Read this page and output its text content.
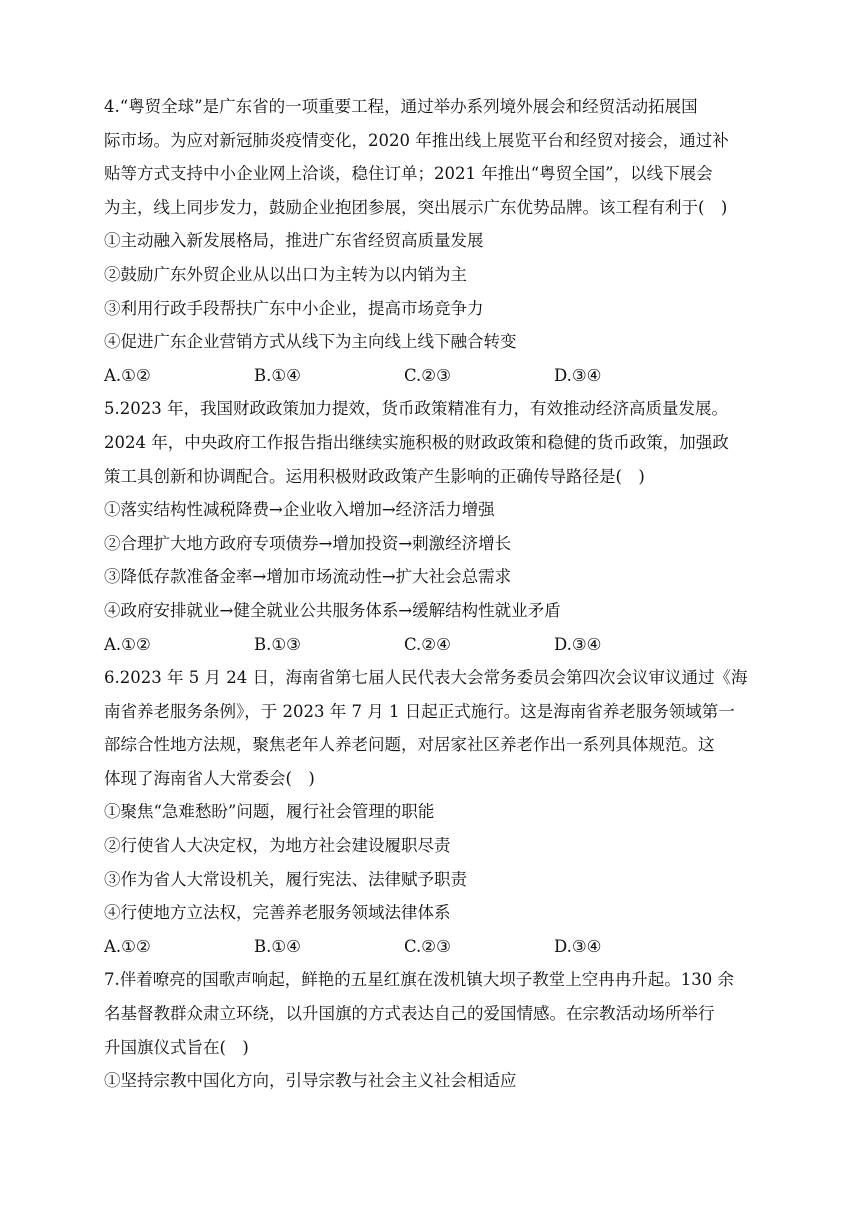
4.“粤贸全球”是广东省的一项重要工程，通过举办系列境外展会和经贸活动拓展国
际市场。为应对新冠肺炎疫情变化，2020 年推出线上展览平台和经贸对接会，通过补
贴等方式支持中小企业网上洽谈，稳住订单；2021 年推出“粤贸全国”，以线下展会
为主，线上同步发力，鼓励企业抱团参展，突出展示广东优势品牌。该工程有利于(　)
①主动融入新发展格局，推进广东省经贸高质量发展
②鼓励广东外贸企业从以出口为主转为以内销为主
③利用行政手段帮扶广东中小企业，提高市场竞争力
④促进广东企业营销方式从线下为主向线上线下融合转变
A.①②	B.①④	C.②③	D.③④
5.2023 年，我国财政政策加力提效，货币政策精准有力，有效推动经济高质量发展。
2024 年，中央政府工作报告指出继续实施积极的财政政策和稳健的货币政策，加强政
策工具创新和协调配合。运用积极财政政策产生影响的正确传导路径是(　)
①落实结构性减税降费→企业收入增加→经济活力增强
②合理扩大地方政府专项债券→增加投资→刺激经济增长
③降低存款准备金率→增加市场流动性→扩大社会总需求
④政府安排就业→健全就业公共服务体系→缓解结构性就业矛盾
A.①②	B.①③	C.②④	D.③④
6.2023 年 5 月 24 日，海南省第七届人民代表大会常务委员会第四次会议审议通过《海
南省养老服务条例》，于 2023 年 7 月 1 日起正式施行。这是海南省养老服务领域第一
部综合性地方法规，聚焦老年人养老问题，对居家社区养老作出一系列具体规范。这
体现了海南省人大常委会(　)
①聚焦“急难愁盼”问题，履行社会管理的职能
②行使省人大决定权，为地方社会建设履职尽责
③作为省人大常设机关，履行宪法、法律赋予职责
④行使地方立法权，完善养老服务领域法律体系
A.①②	B.①④	C.②③	D.③④
7.伴着嘹亮的国歌声响起，鲜艳的五星红旗在泼机镇大坝子教堂上空冉冉升起。130 余
名基督教群众肃立环绕，以升国旗的方式表达自己的爱国情感。在宗教活动场所举行
升国旗仪式旨在(　)
①坚持宗教中国化方向，引导宗教与社会主义社会相适应
